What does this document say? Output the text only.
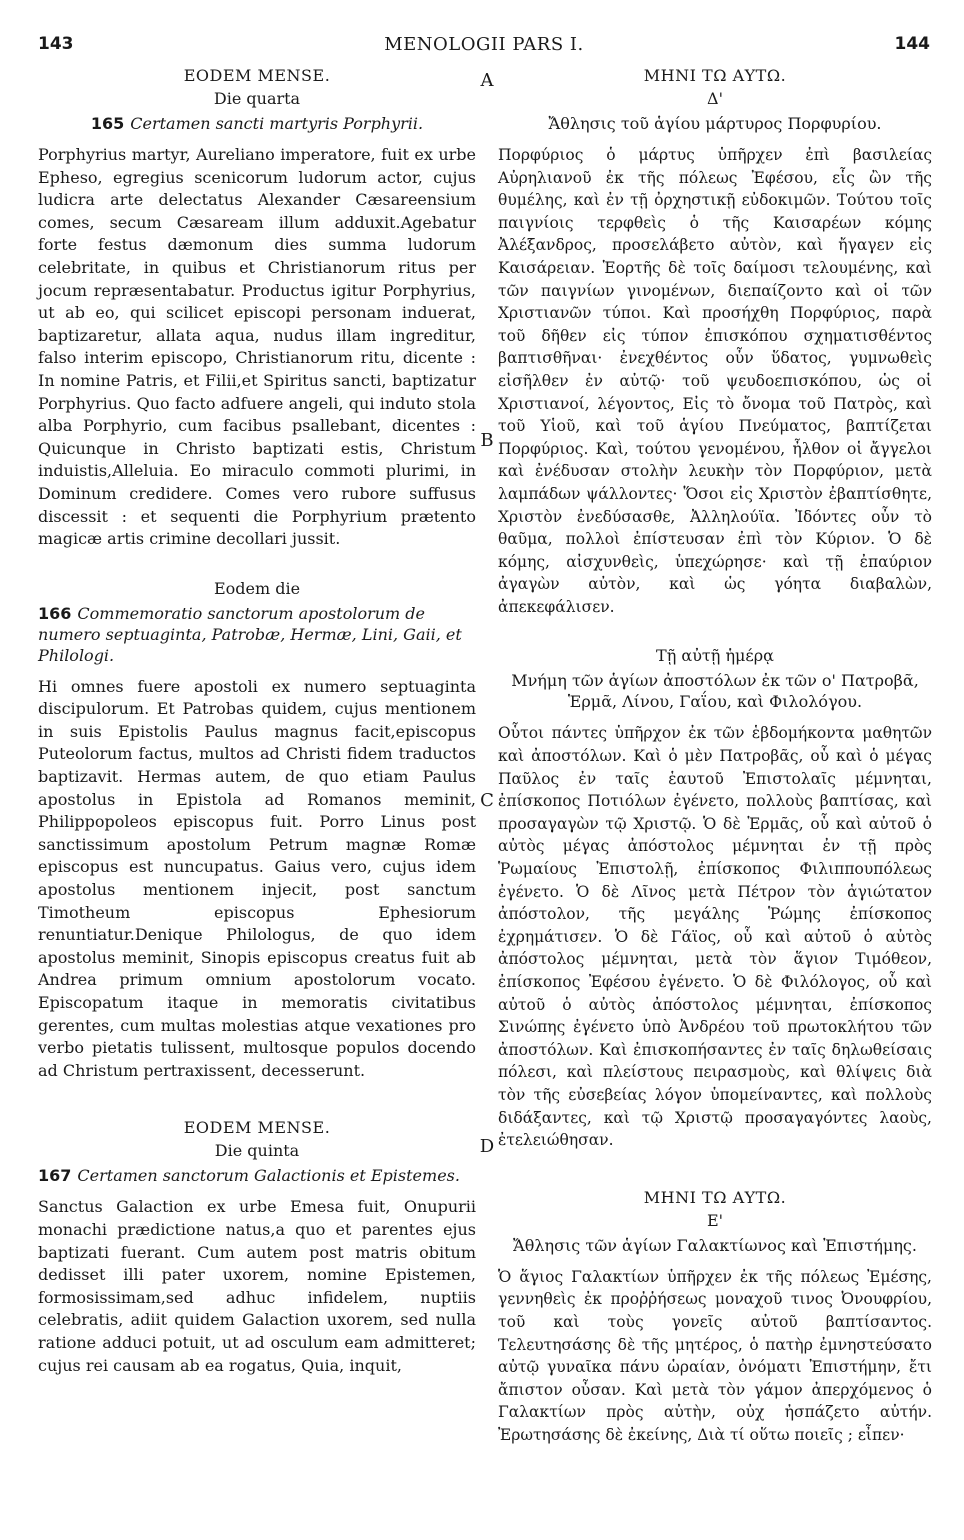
143	MENOLOGII PARS I.	144
A
B
C
D
EODEM MENSE.
Die quarta
165 Certamen sancti martyris Porphyrii.

Porphyrius martyr, Aureliano imperatore, fuit ex urbe Epheso, egregius scenicorum ludorum actor, cujus ludicra arte delectatus Alexander Cæsareensium comes, secum Cæsaream illum adduxit.Agebatur forte festus dæmonum dies summa ludorum celebritate, in quibus et Christianorum ritus per jocum repræsentabatur. Productus igitur Porphyrius, ut ab eo, qui scilicet episcopi personam induerat, baptizaretur, allata aqua, nudus illam ingreditur, falso interim episcopo, Christianorum ritu, dicente : In nomine Patris, et Filii,et Spiritus sancti, baptizatur Porphyrius. Quo facto adfuere angeli, qui induto stola alba Porphyrio, cum facibus psallebant, dicentes : Quicunque in Christo baptizati estis, Christum induistis,Alleluia. Eo miraculo commoti plurimi, in Dominum credidere. Comes vero rubore suffusus discessit : et sequenti die Porphyrium prætento magicæ artis crimine decollari jussit.

Eodem die
166 Commemoratio sanctorum apostolorum de numero septuaginta, Patrobæ, Hermæ, Lini, Gaii, et Philologi.

Hi omnes fuere apostoli ex numero septuaginta discipulorum. Et Patrobas quidem, cujus mentionem in suis Epistolis Paulus magnus facit,episcopus Puteolorum factus, multos ad Christi fidem traductos baptizavit. Hermas autem, de quo etiam Paulus apostolus in Epistola ad Romanos meminit, Philippopoleos episcopus fuit. Porro Linus post sanctissimum apostolum Petrum magnæ Romæ episcopus est nuncupatus. Gaius vero, cujus idem apostolus mentionem injecit, post sanctum Timotheum episcopus Ephesiorum renuntiatur.Denique Philologus, de quo idem apostolus meminit, Sinopis episcopus creatus fuit ab Andrea primum omnium apostolorum vocato. Episcopatum itaque in memoratis civitatibus gerentes, cum multas molestias atque vexationes pro verbo pietatis tulissent, multosque populos docendo ad Christum pertraxissent, decesserunt.

EODEM MENSE.
Die quinta
167 Certamen sanctorum Galactionis et Epistemes.

Sanctus Galaction ex urbe Emesa fuit, Onupurii monachi prædictione natus,a quo et parentes ejus baptizati fuerant. Cum autem post matris obitum dedisset illi pater uxorem, nomine Epistemen, formosissimam,sed adhuc infidelem, nuptiis celebratis, adiit quidem Galaction uxorem, sed nulla ratione adduci potuit, ut ad osculum eam admitteret; cujus rei causam ab ea rogatus, Quia, inquit,

ΜΗΝΙ ΤΩ ΑΥΤΩ.
Δ'
Ἄθλησις τοῦ ἁγίου μάρτυρος Πορφυρίου.

Πορφύριος ὁ μάρτυς ὑπῆρχεν ἐπὶ βασιλείας Αὐρηλιανοῦ ἐκ τῆς πόλεως Ἐφέσου, εἷς ὢν τῆς θυμέλης, καὶ ἐν τῇ ὀρχηστικῇ εὐδοκιμῶν. Τούτου τοῖς παιγνίοις τερφθεὶς ὁ τῆς Καισαρέων κόμης Ἀλέξανδρος, προσελάβετο αὐτὸν, καὶ ἤγαγεν εἰς Καισάρειαν. Ἑορτῆς δὲ τοῖς δαίμοσι τελουμένης, καὶ τῶν παιγνίων γινομένων, διεπαίζοντο καὶ οἱ τῶν Χριστιανῶν τύποι. Καὶ προσήχθη Πορφύριος, παρὰ τοῦ δῆθεν εἰς τύπον ἐπισκόπου σχηματισθέντος βαπτισθῆναι· ἐνεχθέντος οὖν ὕδατος, γυμνωθεὶς εἰσῆλθεν ἐν αὐτῷ· τοῦ ψευδοεπισκόπου, ὡς οἱ Χριστιανοί, λέγοντος, Εἰς τὸ ὄνομα τοῦ Πατρὸς, καὶ τοῦ Υἱοῦ, καὶ τοῦ ἁγίου Πνεύματος, βαπτίζεται Πορφύριος. Καὶ, τούτου γενομένου, ἦλθον οἱ ἄγγελοι καὶ ἐνέδυσαν στολὴν λευκὴν τὸν Πορφύριον, μετὰ λαμπάδων ψάλλοντες· Ὅσοι εἰς Χριστὸν ἐβαπτίσθητε, Χριστὸν ἐνεδύσασθε, Ἀλληλούϊα. Ἰδόντες οὖν τὸ θαῦμα, πολλοὶ ἐπίστευσαν ἐπὶ τὸν Κύριον. Ὁ δὲ κόμης, αἰσχυνθεὶς, ὑπεχώρησε· καὶ τῇ ἐπαύριον ἀγαγὼν αὐτὸν, καὶ ὡς γόητα διαβαλὼν, ἀπεκεφάλισεν.

Τῇ αὐτῇ ἡμέρᾳ
Μνήμη τῶν ἁγίων ἀποστόλων ἐκ τῶν ο' Πατροβᾶ, Ἑρμᾶ, Λίνου, Γαΐου, καὶ Φιλολόγου.

Οὗτοι πάντες ὑπῆρχον ἐκ τῶν ἑβδομήκοντα μαθητῶν καὶ ἀποστόλων. Καὶ ὁ μὲν Πατροβᾶς, οὗ καὶ ὁ μέγας Παῦλος ἐν ταῖς ἑαυτοῦ Ἐπιστολαῖς μέμνηται, ἐπίσκοπος Ποτιόλων ἐγένετο, πολλοὺς βαπτίσας, καὶ προσαγαγὼν τῷ Χριστῷ. Ὁ δὲ Ἑρμᾶς, οὗ καὶ αὐτοῦ ὁ αὐτὸς μέγας ἀπόστολος μέμνηται ἐν τῇ πρὸς Ῥωμαίους Ἐπιστολῇ, ἐπίσκοπος Φιλιππουπόλεως ἐγένετο. Ὁ δὲ Λῖνος μετὰ Πέτρον τὸν ἁγιώτατον ἀπόστολον, τῆς μεγάλης Ῥώμης ἐπίσκοπος ἐχρημάτισεν. Ὁ δὲ Γάϊος, οὗ καὶ αὐτοῦ ὁ αὐτὸς ἀπόστολος μέμνηται, μετὰ τὸν ἅγιον Τιμόθεον, ἐπίσκοπος Ἐφέσου ἐγένετο. Ὁ δὲ Φιλόλογος, οὗ καὶ αὐτοῦ ὁ αὐτὸς ἀπόστολος μέμνηται, ἐπίσκοπος Σινώπης ἐγένετο ὑπὸ Ἀνδρέου τοῦ πρωτοκλήτου τῶν ἀποστόλων. Καὶ ἐπισκοπήσαντες ἐν ταῖς δηλωθείσαις πόλεσι, καὶ πλείστους πειρασμοὺς, καὶ θλίψεις διὰ τὸν τῆς εὐσεβείας λόγον ὑπομείναντες, καὶ πολλοὺς διδάξαντες, καὶ τῷ Χριστῷ προσαγαγόντες λαοὺς, ἐτελειώθησαν.

ΜΗΝΙ ΤΩ ΑΥΤΩ.
Ε'
Ἄθλησις τῶν ἁγίων Γαλακτίωνος καὶ Ἐπιστήμης.

Ὁ ἅγιος Γαλακτίων ὑπῆρχεν ἐκ τῆς πόλεως Ἐμέσης, γεννηθεὶς ἐκ προῤῥήσεως μοναχοῦ τινος Ὀνουφρίου, τοῦ καὶ τοὺς γονεῖς αὐτοῦ βαπτίσαντος. Τελευτησάσης δὲ τῆς μητέρος, ὁ πατὴρ ἐμνηστεύσατο αὐτῷ γυναῖκα πάνυ ὡραίαν, ὀνόματι Ἐπιστήμην, ἔτι ἄπιστον οὖσαν. Καὶ μετὰ τὸν γάμον ἀπερχόμενος ὁ Γαλακτίων πρὸς αὐτὴν, οὐχ ἠσπάζετο αὐτήν. Ἐρωτησάσης δὲ ἐκείνης, Διὰ τί οὕτω ποιεῖς ; εἶπεν·
